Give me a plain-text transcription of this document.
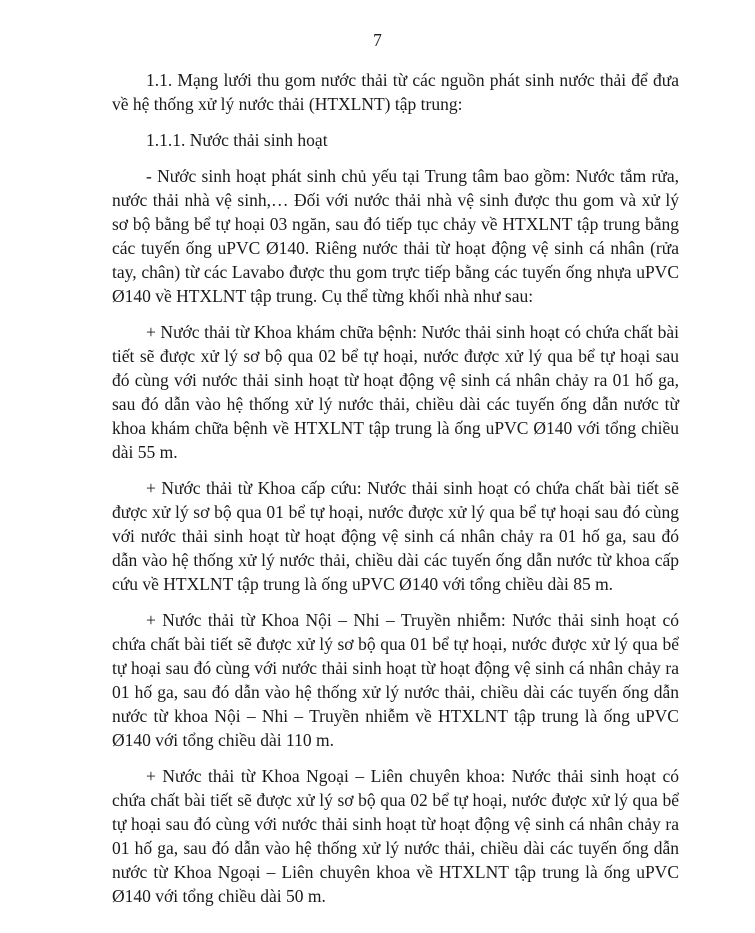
7

1.1. Mạng lưới thu gom nước thải từ các nguồn phát sinh nước thải để đưa về hệ thống xử lý nước thải (HTXLNT) tập trung:

1.1.1. Nước thải sinh hoạt

- Nước sinh hoạt phát sinh chủ yếu tại Trung tâm bao gồm: Nước tắm rửa, nước thải nhà vệ sinh,… Đối với nước thải nhà vệ sinh được thu gom và xử lý sơ bộ bằng bể tự hoại 03 ngăn, sau đó tiếp tục chảy về HTXLNT tập trung bằng các tuyến ống uPVC Ø140. Riêng nước thải từ hoạt động vệ sinh cá nhân (rửa tay, chân) từ các Lavabo được thu gom trực tiếp bằng các tuyến ống nhựa uPVC Ø140 về HTXLNT tập trung. Cụ thể từng khối nhà như sau:

+ Nước thải từ Khoa khám chữa bệnh: Nước thải sinh hoạt có chứa chất bài tiết sẽ được xử lý sơ bộ qua 02 bể tự hoại, nước được xử lý qua bể tự hoại sau đó cùng với nước thải sinh hoạt từ hoạt động vệ sinh cá nhân chảy ra 01 hố ga, sau đó dẫn vào hệ thống xử lý nước thải, chiều dài các tuyến ống dẫn nước từ khoa khám chữa bệnh về HTXLNT tập trung là ống uPVC Ø140 với tổng chiều dài 55 m.

+ Nước thải từ Khoa cấp cứu: Nước thải sinh hoạt có chứa chất bài tiết sẽ được xử lý sơ bộ qua 01 bể tự hoại, nước được xử lý qua bể tự hoại sau đó cùng với nước thải sinh hoạt từ hoạt động vệ sinh cá nhân chảy ra 01 hố ga, sau đó dẫn vào hệ thống xử lý nước thải, chiều dài các tuyến ống dẫn nước từ khoa cấp cứu về HTXLNT tập trung là ống uPVC Ø140 với tổng chiều dài 85 m.

+ Nước thải từ Khoa Nội – Nhi – Truyền nhiễm: Nước thải sinh hoạt có chứa chất bài tiết sẽ được xử lý sơ bộ qua 01 bể tự hoại, nước được xử lý qua bể tự hoại sau đó cùng với nước thải sinh hoạt từ hoạt động vệ sinh cá nhân chảy ra 01 hố ga, sau đó dẫn vào hệ thống xử lý nước thải, chiều dài các tuyến ống dẫn nước từ khoa Nội – Nhi – Truyền nhiễm về HTXLNT tập trung là ống uPVC Ø140 với tổng chiều dài 110 m.

+ Nước thải từ Khoa Ngoại – Liên chuyên khoa: Nước thải sinh hoạt có chứa chất bài tiết sẽ được xử lý sơ bộ qua 02 bể tự hoại, nước được xử lý qua bể tự hoại sau đó cùng với nước thải sinh hoạt từ hoạt động vệ sinh cá nhân chảy ra 01 hố ga, sau đó dẫn vào hệ thống xử lý nước thải, chiều dài các tuyến ống dẫn nước từ Khoa Ngoại – Liên chuyên khoa về HTXLNT tập trung là ống uPVC Ø140 với tổng chiều dài 50 m.
